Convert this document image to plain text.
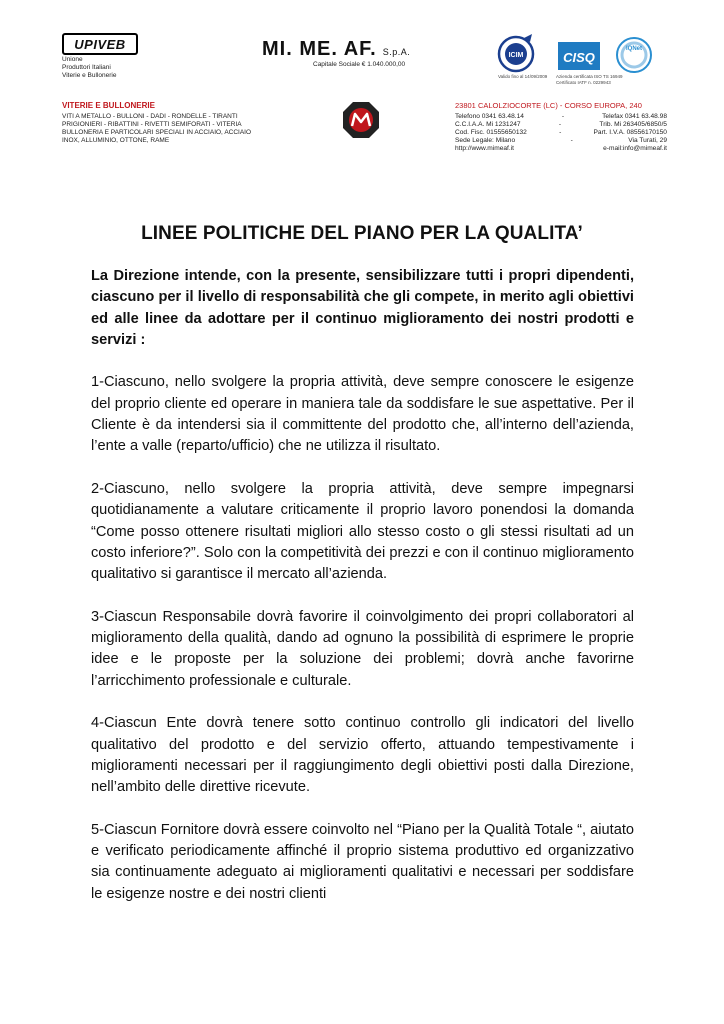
UPIVEB
Unione
Produttori Italiani
Viterie e Bullonerie
MI. ME. AF. S.p.A.
Capitale Sociale € 1.040.000,00
ICIM
Valido fino al 14/09/2009
CISQ
Azienda certificata ISO TS 16949
Certificato IATF n. 0229943
IQNet
VITERIE E BULLONERIE
VITI A METALLO - BULLONI - DADI - RONDELLE - TIRANTI
PRIGIONIERI - RIBATTINI - RIVETTI SEMIFORATI - VITERIA
BULLONERIA E PARTICOLARI SPECIALI IN ACCIAIO, ACCIAIO
INOX, ALLUMINIO, OTTONE, RAME
23801 CALOLZIOCORTE (LC) - CORSO EUROPA, 240
Telefono 0341 63.48.14	-	Telefax 0341 63.48.98
C.C.I.A.A. Mi 1231247	-	Trib. Mi 263405/6850/5
Cod. Fisc. 01555650132	-	Part. I.V.A. 08556170150
Sede Legale: Milano	-	Via Turati, 29
http://www.mimeaf.it	e-mail:info@mimeaf.it
LINEE POLITICHE DEL PIANO PER LA QUALITA’

La Direzione intende, con la presente, sensibilizzare tutti i propri dipendenti, ciascuno per il livello di responsabilità che gli compete, in merito agli obiettivi ed alle linee da adottare per il continuo miglioramento dei nostri prodotti e servizi :

1-Ciascuno, nello svolgere la propria attività, deve sempre conoscere le esigenze del proprio cliente ed operare in maniera tale da soddisfare le sue aspettative. Per il Cliente è da intendersi sia il committente del prodotto che, all’interno dell’azienda, l’ente a valle (reparto/ufficio) che ne utilizza il risultato.

2-Ciascuno, nello svolgere la propria attività, deve sempre impegnarsi quotidianamente a valutare criticamente il proprio lavoro ponendosi la domanda “Come posso ottenere risultati migliori allo stesso costo o gli stessi risultati ad un costo inferiore?”. Solo con la competitività dei prezzi e con il continuo miglioramento qualitativo si garantisce il mercato all’azienda.

3-Ciascun Responsabile dovrà favorire il coinvolgimento dei propri collaboratori al miglioramento della qualità, dando ad ognuno la possibilità di esprimere le proprie idee e le proposte per la soluzione dei problemi; dovrà anche favorirne l’arricchimento professionale e culturale.

4-Ciascun Ente dovrà tenere sotto continuo controllo gli indicatori del livello qualitativo del prodotto e del servizio offerto, attuando tempestivamente i miglioramenti necessari per il raggiungimento degli obiettivi posti dalla Direzione, nell’ambito delle direttive ricevute.

5-Ciascun Fornitore dovrà essere coinvolto nel “Piano per la Qualità Totale “, aiutato e verificato periodicamente affinché il proprio sistema produttivo ed organizzativo sia continuamente adeguato ai miglioramenti qualitativi e necessari per soddisfare le esigenze nostre e dei nostri clienti
